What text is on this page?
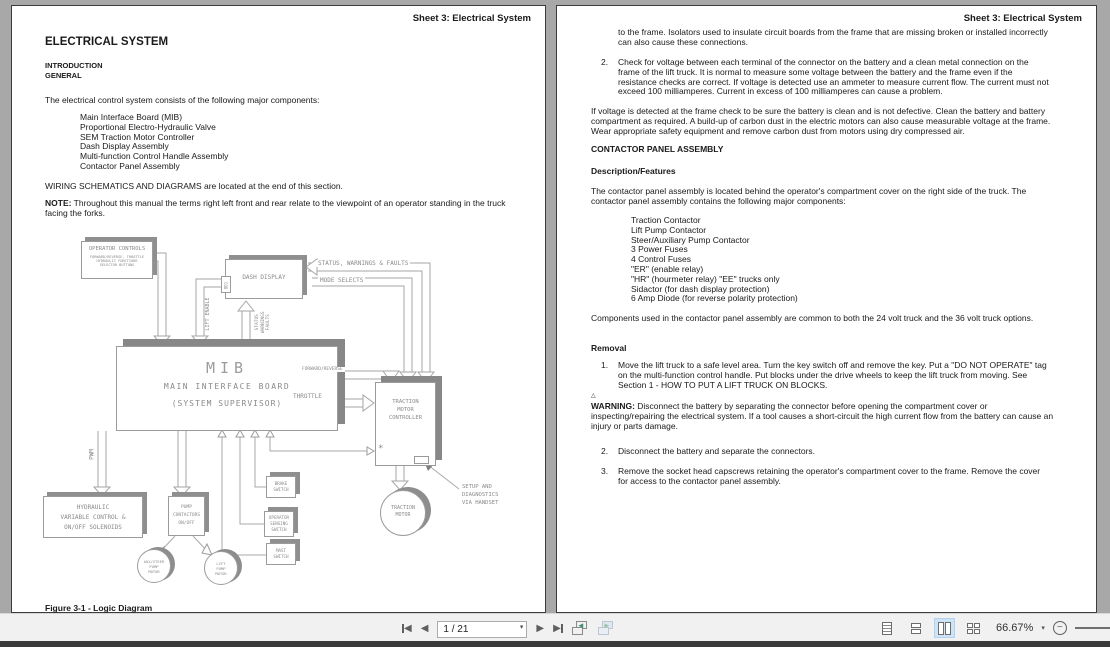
Sheet 3: Electrical System
ELECTRICAL SYSTEM
INTRODUCTION
GENERAL
The electrical control system consists of the following major components:
Main Interface Board (MIB)
Proportional Electro-Hydraulic Valve
SEM Traction Motor Controller
Dash Display Assembly
Multi-function Control Handle Assembly
Contactor Panel Assembly
WIRING SCHEMATICS AND DIAGRAMS are located at the end of this section.
NOTE: Throughout this manual the terms right left front and rear relate to the viewpoint of an operator standing in the truck facing the forks.
Figure 3-1 - Logic Diagram
OPERATOR CONTROLS
FORWARD/REVERSE, THROTTLE
HYDRAULIC FUNCTIONS
SELECTOR BUTTONS
DASH DISPLAY
BD1
STATUS, WARNINGS & FAULTS
MODE SELECTS
FORWARD/REVERSE
THROTTLE
LIFT ENABLE	STATUS WARNINGS FAULTS
PWM
MIB
MAIN INTERFACE BOARD
(SYSTEM SUPERVISOR)	TRACTION
MOTOR
CONTROLLER
*
TRACTION
MOTOR
SETUP AND
DIAGNOSTICS
VIA HANDSET
HYDRAULIC
VARIABLE CONTROL &
ON/OFF SOLENOIDS
PUMP
CONTACTORS
ON/OFF
AUX/STEER
PUMP
MOTOR
LIFT
PUMP
MOTOR
BRAKE
SWITCH
OPERATOR
SENSING
SWITCH
MAST
SWITCH
Sheet 3: Electrical System
to the frame. Isolators used to insulate circuit boards from the frame that are missing broken or installed incorrectly can also cause these connections.
2.	Check for voltage between each terminal of the connector on the battery and a clean metal connection on the frame of the lift truck. It is normal to measure some voltage between the battery and the frame even if the resistance checks are correct. If voltage is detected use an ammeter to measure current flow. The current must not exceed 100 milliamperes. Current in excess of 100 milliamperes can cause a problem.
If voltage is detected at the frame check to be sure the battery is clean and is not defective. Clean the battery and battery compartment as required. A build-up of carbon dust in the electric motors can also cause measurable voltage at the frame. Wear appropriate safety equipment and remove carbon dust from motors using dry compressed air.
CONTACTOR PANEL ASSEMBLY
Description/Features
The contactor panel assembly is located behind the operator's compartment cover on the right side of the truck. The contactor panel assembly contains the following major components:
Traction Contactor
Lift Pump Contactor
Steer/Auxiliary Pump Contactor
3 Power Fuses
4 Control Fuses
"ER" (enable relay)
"HR" (hourmeter relay) "EE" trucks only
Sidactor (for dash display protection)
6 Amp Diode (for reverse polarity protection)
Components used in the contactor panel assembly are common to both the 24 volt truck and the 36 volt truck options.
Removal
1.	Move the lift truck to a safe level area. Turn the key switch off and remove the key. Put a "DO NOT OPERATE" tag on the multi-function control handle. Put blocks under the drive wheels to keep the lift truck from moving. See Section 1 - HOW TO PUT A LIFT TRUCK ON BLOCKS.
△
WARNING: Disconnect the battery by separating the connector before opening the compartment cover or inspecting/repairing the electrical system. If a tool causes a short-circuit the high current flow from the battery can cause an injury or parts damage.
2.	Disconnect the battery and separate the connectors.
3.	Remove the socket head capscrews retaining the operator's compartment cover to the frame. Remove the cover for access to the contactor panel assembly.
◀ ◀
1 / 21	▾ ▶ ▶ ◄ ►	66.67% ▾	−
